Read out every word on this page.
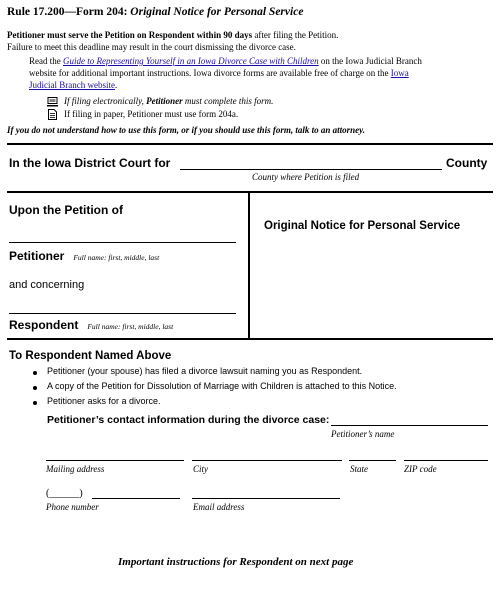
Rule 17.200—Form 204: Original Notice for Personal Service
Petitioner must serve the Petition on Respondent within 90 days after filing the Petition.
Failure to meet this deadline may result in the court dismissing the divorce case.
Read the Guide to Representing Yourself in an Iowa Divorce Case with Children on the Iowa Judicial Branch
website for additional important instructions. Iowa divorce forms are available free of charge on the Iowa
Judicial Branch website.
If filing electronically, Petitioner must complete this form.
If filing in paper, Petitioner must use form 204a.
If you do not understand how to use this form, or if you should use this form, talk to an attorney.
In the Iowa District Court for	County
County where Petition is filed
Upon the Petition of
Petitioner Full name: first, middle, last
and concerning
Respondent Full name: first, middle, last
Original Notice for Personal Service
To Respondent Named Above
Petitioner (your spouse) has filed a divorce lawsuit naming you as Respondent.
A copy of the Petition for Dissolution of Marriage with Children is attached to this Notice.
Petitioner asks for a divorce.
Petitioner’s contact information during the divorce case:
Petitioner’s name
Mailing address	City	State	ZIP code
(______)
Phone number	Email address
Important instructions for Respondent on next page
